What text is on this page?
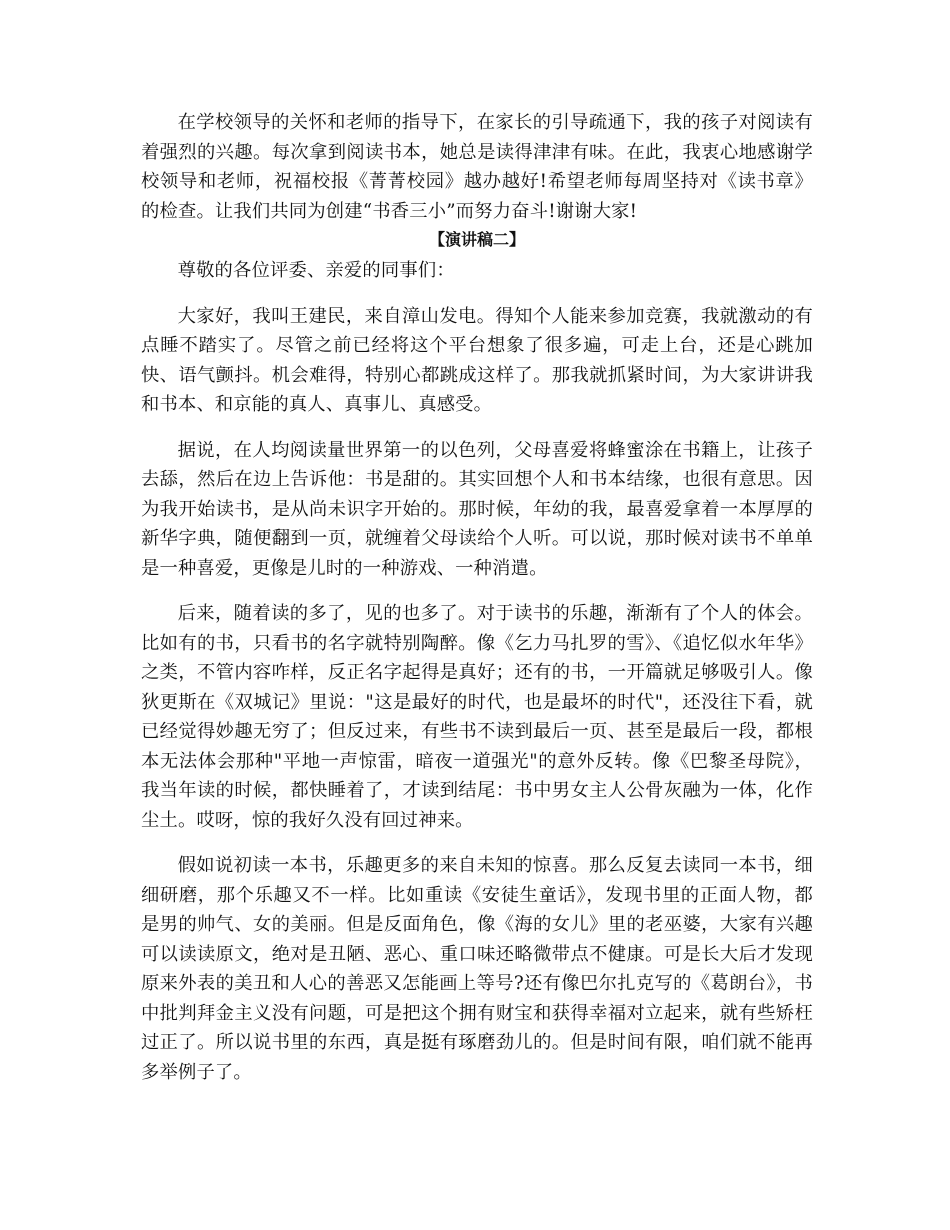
在学校领导的关怀和老师的指导下，在家长的引导疏通下，我的孩子对阅读有着强烈的兴趣。每次拿到阅读书本，她总是读得津津有味。在此，我衷心地感谢学校领导和老师，祝福校报《菁菁校园》越办越好!希望老师每周坚持对《读书章》的检查。让我们共同为创建“书香三小”而努力奋斗!谢谢大家!

【演讲稿二】

尊敬的各位评委、亲爱的同事们：

大家好，我叫王建民，来自漳山发电。得知个人能来参加竞赛，我就激动的有点睡不踏实了。尽管之前已经将这个平台想象了很多遍，可走上台，还是心跳加快、语气颤抖。机会难得，特别心都跳成这样了。那我就抓紧时间，为大家讲讲我和书本、和京能的真人、真事儿、真感受。

据说，在人均阅读量世界第一的以色列，父母喜爱将蜂蜜涂在书籍上，让孩子去舔，然后在边上告诉他：书是甜的。其实回想个人和书本结缘，也很有意思。因为我开始读书，是从尚未识字开始的。那时候，年幼的我，最喜爱拿着一本厚厚的新华字典，随便翻到一页，就缠着父母读给个人听。可以说，那时候对读书不单单是一种喜爱，更像是儿时的一种游戏、一种消遣。

后来，随着读的多了，见的也多了。对于读书的乐趣，渐渐有了个人的体会。比如有的书，只看书的名字就特别陶醉。像《乞力马扎罗的雪》、《追忆似水年华》之类，不管内容咋样，反正名字起得是真好；还有的书，一开篇就足够吸引人。像狄更斯在《双城记》里说："这是最好的时代，也是最坏的时代"，还没往下看，就已经觉得妙趣无穷了；但反过来，有些书不读到最后一页、甚至是最后一段，都根本无法体会那种"平地一声惊雷，暗夜一道强光"的意外反转。像《巴黎圣母院》，我当年读的时候，都快睡着了，才读到结尾：书中男女主人公骨灰融为一体，化作尘土。哎呀，惊的我好久没有回过神来。

假如说初读一本书，乐趣更多的来自未知的惊喜。那么反复去读同一本书，细细研磨，那个乐趣又不一样。比如重读《安徒生童话》，发现书里的正面人物，都是男的帅气、女的美丽。但是反面角色，像《海的女儿》里的老巫婆，大家有兴趣可以读读原文，绝对是丑陋、恶心、重口味还略微带点不健康。可是长大后才发现原来外表的美丑和人心的善恶又怎能画上等号?还有像巴尔扎克写的《葛朗台》，书中批判拜金主义没有问题，可是把这个拥有财宝和获得幸福对立起来，就有些矫枉过正了。所以说书里的东西，真是挺有琢磨劲儿的。但是时间有限，咱们就不能再多举例子了。
